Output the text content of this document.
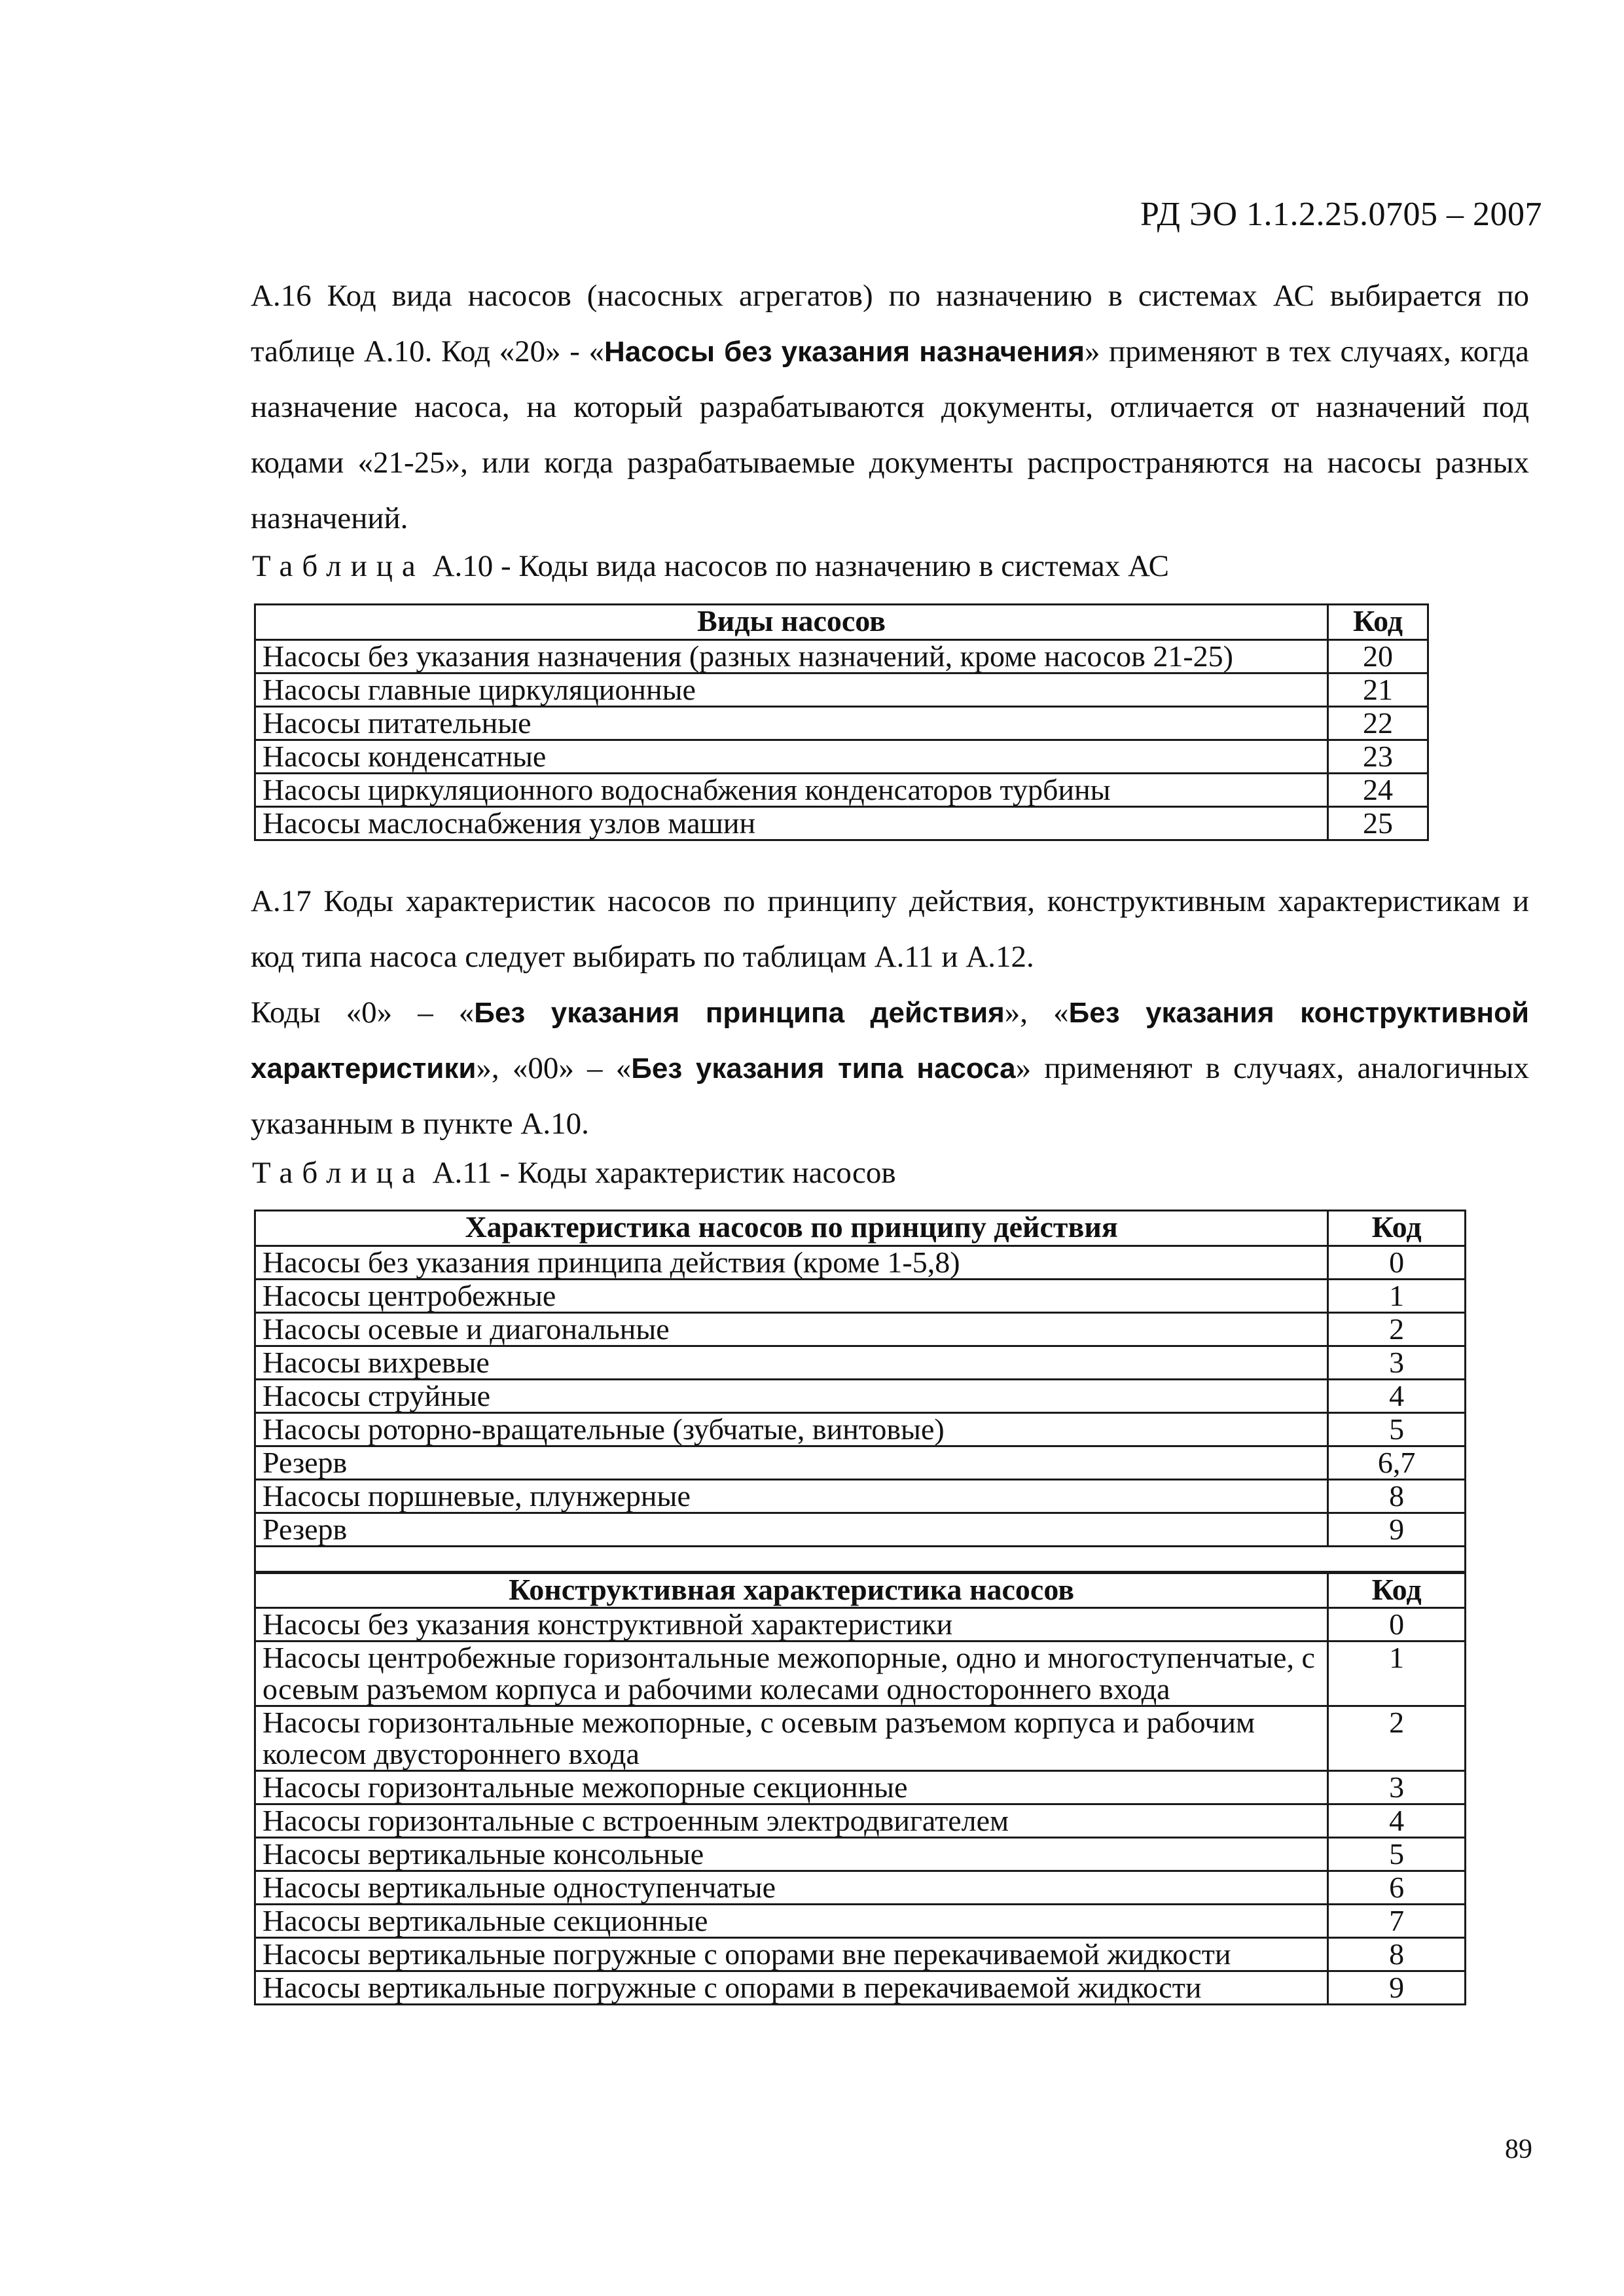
РД ЭО 1.1.2.25.0705 – 2007

А.16 Код вида насосов (насосных агрегатов) по назначению в системах АС выбирается по таблице А.10. Код «20» - «Насосы без указания назначения» применяют в тех случаях, когда назначение насоса, на который разрабатываются документы, отличается от назначений под кодами «21-25», или когда разрабатываемые документы распространяются на насосы разных назначений.

Таблица А.10 - Коды вида насосов по назначению в системах АС
Виды насосов	Код
Насосы без указания назначения (разных назначений, кроме насосов 21-25)	20
Насосы главные циркуляционные	21
Насосы питательные	22
Насосы конденсатные	23
Насосы циркуляционного водоснабжения конденсаторов турбины	24
Насосы маслоснабжения узлов машин	25

А.17 Коды характеристик насосов по принципу действия, конструктивным характеристикам и код типа насоса следует выбирать по таблицам А.11 и А.12.

Коды «0» – «Без указания принципа действия», «Без указания конструктивной характеристики», «00» – «Без указания типа насоса» применяют в случаях, аналогичных указанным в пункте А.10.

Таблица А.11 - Коды характеристик насосов
Характеристика насосов по принципу действия	Код
Насосы без указания принципа действия (кроме 1-5,8)	0
Насосы центробежные	1
Насосы осевые и диагональные	2
Насосы вихревые	3
Насосы струйные	4
Насосы роторно-вращательные (зубчатые, винтовые)	5
Резерв	6,7
Насосы поршневые, плунжерные	8
Резерв	9

Конструктивная характеристика насосов	Код
Насосы без указания конструктивной характеристики	0
Насосы центробежные горизонтальные межопорные, одно и многоступенчатые, с осевым разъемом корпуса и рабочими колесами одностороннего входа	1
Насосы горизонтальные межопорные, с осевым разъемом корпуса и рабочим колесом двустороннего входа	2
Насосы горизонтальные межопорные секционные	3
Насосы горизонтальные с встроенным электродвигателем	4
Насосы вертикальные консольные	5
Насосы вертикальные одноступенчатые	6
Насосы вертикальные секционные	7
Насосы вертикальные погружные с опорами вне перекачиваемой жидкости	8
Насосы вертикальные погружные с опорами в перекачиваемой жидкости	9
89
